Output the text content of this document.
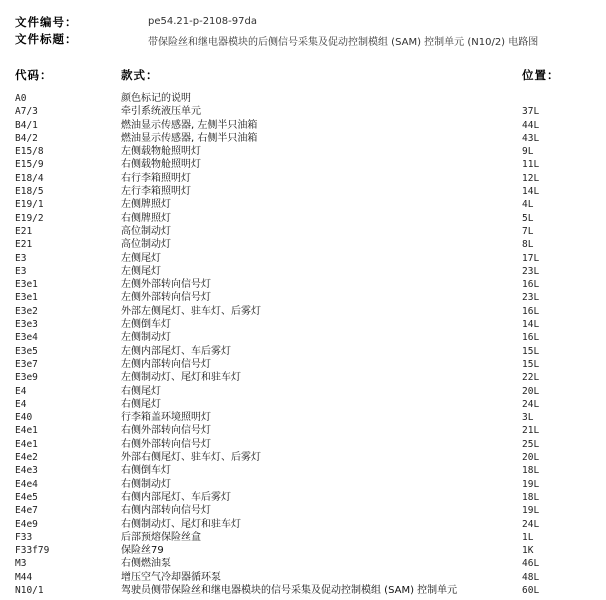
文件编号：	pe54.21-p-2108-97da
文件标题：	带保险丝和继电器模块的后侧信号采集及促动控制模组 (SAM) 控制单元 (N10/2) 电路图
代码：	款式：	位置：
A0	颜色标记的说明
A7/3	牵引系统液压单元	37L
B4/1	燃油显示传感器, 左侧半只油箱	44L
B4/2	燃油显示传感器, 右侧半只油箱	43L
E15/8	左侧载物舱照明灯	9L
E15/9	右侧载物舱照明灯	11L
E18/4	右行李箱照明灯	12L
E18/5	左行李箱照明灯	14L
E19/1	左侧牌照灯	4L
E19/2	右侧牌照灯	5L
E21	高位制动灯	7L
E21	高位制动灯	8L
E3	左侧尾灯	17L
E3	左侧尾灯	23L
E3e1	左侧外部转向信号灯	16L
E3e1	左侧外部转向信号灯	23L
E3e2	外部左侧尾灯、驻车灯、后雾灯	16L
E3e3	左侧倒车灯	14L
E3e4	左侧制动灯	16L
E3e5	左侧内部尾灯、车后雾灯	15L
E3e7	左侧内部转向信号灯	15L
E3e9	左侧制动灯、尾灯和驻车灯	22L
E4	右侧尾灯	20L
E4	右侧尾灯	24L
E40	行李箱盖环境照明灯	3L
E4e1	右侧外部转向信号灯	21L
E4e1	右侧外部转向信号灯	25L
E4e2	外部右侧尾灯、驻车灯、后雾灯	20L
E4e3	右侧倒车灯	18L
E4e4	右侧制动灯	19L
E4e5	右侧内部尾灯、车后雾灯	18L
E4e7	右侧内部转向信号灯	19L
E4e9	右侧制动灯、尾灯和驻车灯	24L
F33	后部预熔保险丝盒	1L
F33f79	保险丝79	1K
M3	右侧燃油泵	46L
M44	增压空气冷却器循环泵	48L
N10/1	驾驶员侧带保险丝和继电器模块的信号采集及促动控制模组 (SAM) 控制单元	60L
